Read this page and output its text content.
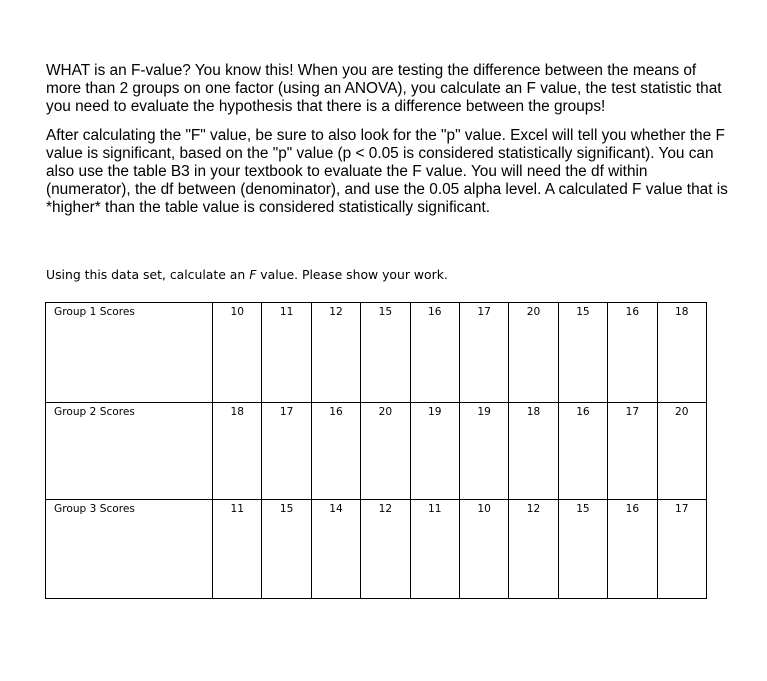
WHAT is an F-value? You know this! When you are testing the difference between the means of more than 2 groups on one factor (using an ANOVA), you calculate an F value, the test statistic that you need to evaluate the hypothesis that there is a difference between the groups!

After calculating the "F" value, be sure to also look for the "p" value. Excel will tell you whether the F value is significant, based on the "p" value (p < 0.05 is considered statistically significant). You can also use the table B3 in your textbook to evaluate the F value. You will need the df within (numerator), the df between (denominator), and use the 0.05 alpha level. A calculated F value that is *higher* than the table value is considered statistically significant.

Using this data set, calculate an F value. Please show your work.

Group 1 Scores	10	11	12	15	16	17	20	15	16	18
Group 2 Scores	18	17	16	20	19	19	18	16	17	20
Group 3 Scores	11	15	14	12	11	10	12	15	16	17
